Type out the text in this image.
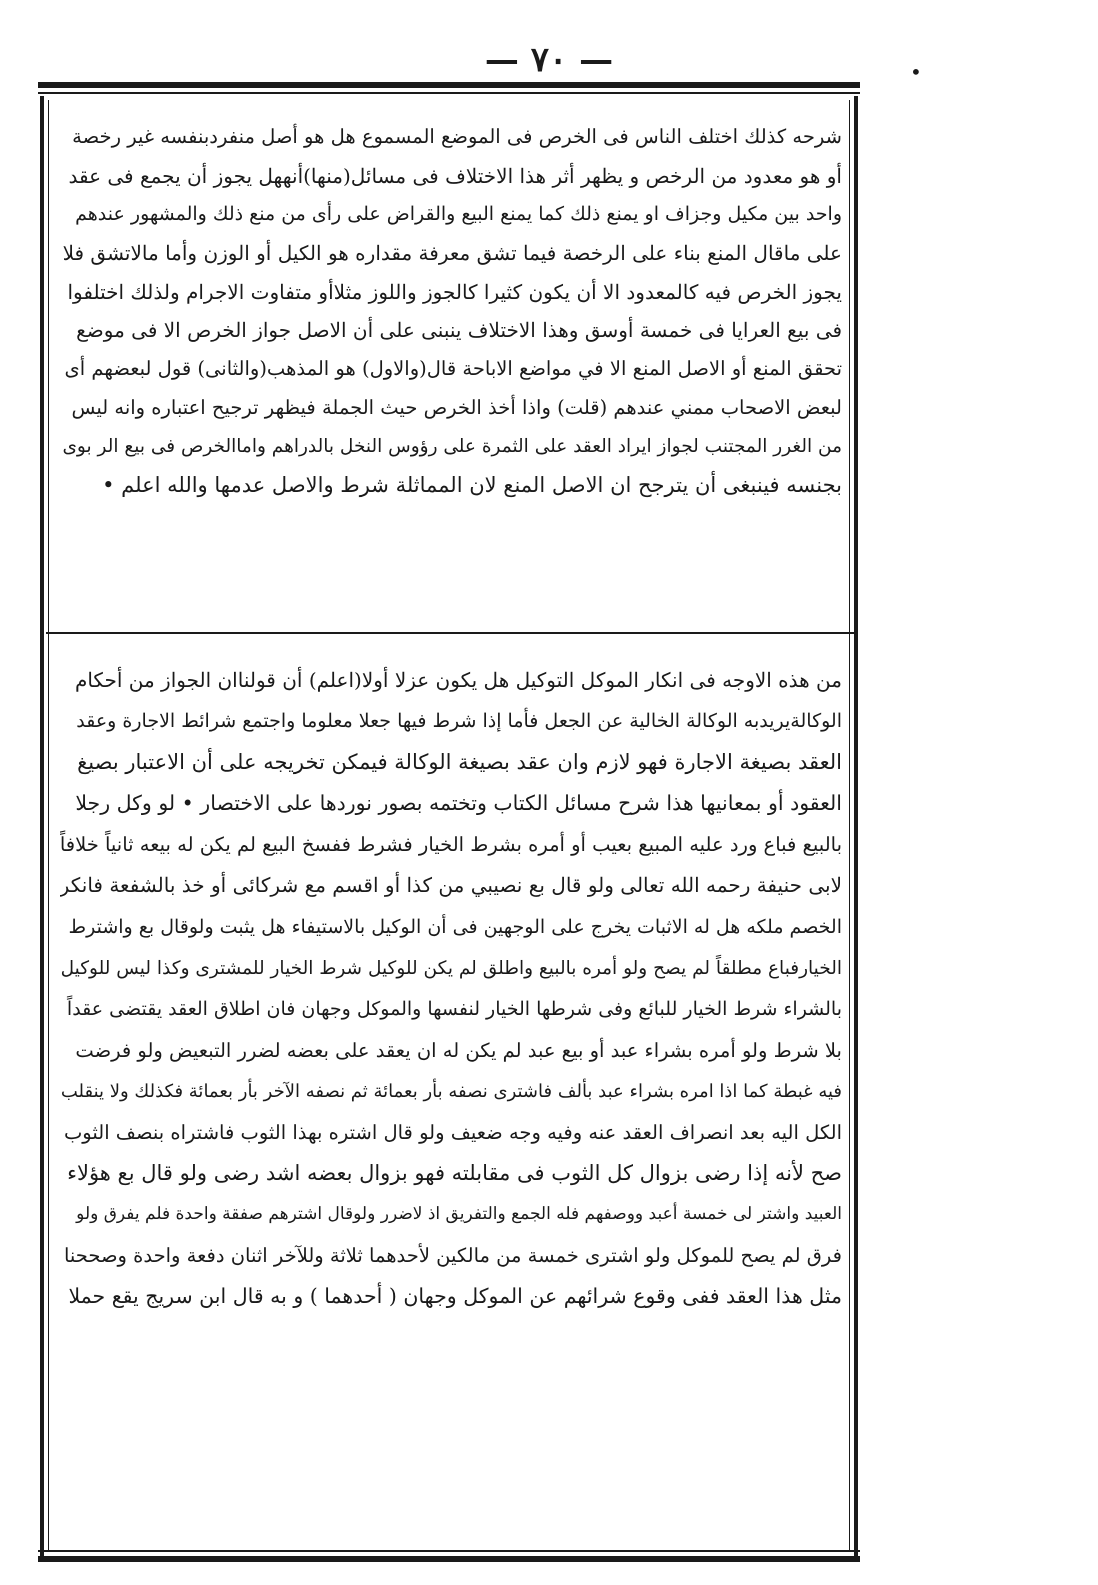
— ٧٠ —	•
شرحه كذلك اختلف الناس فى الخرص فى الموضع المسموع هل هو أصل منفردبنفسه غير رخصة
أو هو معدود من الرخص و يظهر أثر هذا الاختلاف فى مسائل(منها)أنههل يجوز أن يجمع فى عقد
واحد بين مكيل وجزاف او يمنع ذلك كما يمنع البيع والقراض على رأى من منع ذلك والمشهور عندهم
على ماقال المنع بناء على الرخصة فيما تشق معرفة مقداره هو الكيل أو الوزن وأما مالاتشق فلا
يجوز الخرص فيه كالمعدود الا أن يكون كثيرا كالجوز واللوز مثلاأو متفاوت الاجرام ولذلك اختلفوا
فى بيع العرايا فى خمسة أوسق وهذا الاختلاف ينبنى على أن الاصل جواز الخرص الا فى موضع
تحقق المنع أو الاصل المنع الا في مواضع الاباحة قال(والاول) هو المذهب(والثانى) قول لبعضهم أى
لبعض الاصحاب ممني عندهم (قلت) واذا أخذ الخرص حيث الجملة فيظهر ترجيح اعتباره وانه ليس
من الغرر المجتنب لجواز ايراد العقد على الثمرة على رؤوس النخل بالدراهم واماالخرص فى بيع الر بوى
بجنسه فينبغى أن يترجح ان الاصل المنع لان المماثلة شرط والاصل عدمها والله اعلم •
من هذه الاوجه فى انكار الموكل التوكيل هل يكون عزلا أولا(اعلم) أن قولناان الجواز من أحكام
الوكالةيريدبه الوكالة الخالية عن الجعل فأما إذا شرط فيها جعلا معلوما واجتمع شرائط الاجارة وعقد
العقد بصيغة الاجارة فهو لازم وان عقد بصيغة الوكالة فيمكن تخريجه على أن الاعتبار بصيغ
العقود أو بمعانيها هذا شرح مسائل الكتاب وتختمه بصور نوردها على الاختصار • لو وكل رجلا
بالبيع فباع ورد عليه المبيع بعيب أو أمره بشرط الخيار فشرط ففسخ البيع لم يكن له بيعه ثانياً خلافاً
لابى حنيفة رحمه الله تعالى ولو قال بع نصيبي من كذا أو اقسم مع شركائى أو خذ بالشفعة فانكر
الخصم ملكه هل له الاثبات يخرج على الوجهين فى أن الوكيل بالاستيفاء هل يثبت ولوقال بع واشترط
الخيارفباع مطلقاً لم يصح ولو أمره بالبيع واطلق لم يكن للوكيل شرط الخيار للمشترى وكذا ليس للوكيل
بالشراء شرط الخيار للبائع وفى شرطها الخيار لنفسها والموكل وجهان فان اطلاق العقد يقتضى عقداً
بلا شرط ولو أمره بشراء عبد أو بيع عبد لم يكن له ان يعقد على بعضه لضرر التبعيض ولو فرضت
فيه غبطة كما اذا امره بشراء عبد بألف فاشترى نصفه بأر بعمائة ثم نصفه الآخر بأر بعمائة فكذلك ولا ينقلب
الكل اليه بعد انصراف العقد عنه وفيه وجه ضعيف ولو قال اشتره بهذا الثوب فاشتراه بنصف الثوب
صح لأنه إذا رضى بزوال كل الثوب فى مقابلته فهو بزوال بعضه اشد رضى ولو قال بع هؤلاء
العبيد واشتر لى خمسة أعبد ووصفهم فله الجمع والتفريق اذ لاضرر ولوقال اشترهم صفقة واحدة فلم يفرق ولو
فرق لم يصح للموكل ولو اشترى خمسة من مالكين لأحدهما ثلاثة وللآخر اثنان دفعة واحدة وصححنا
مثل هذا العقد ففى وقوع شرائهم عن الموكل وجهان ( أحدهما ) و به قال ابن سريج يقع حملا
